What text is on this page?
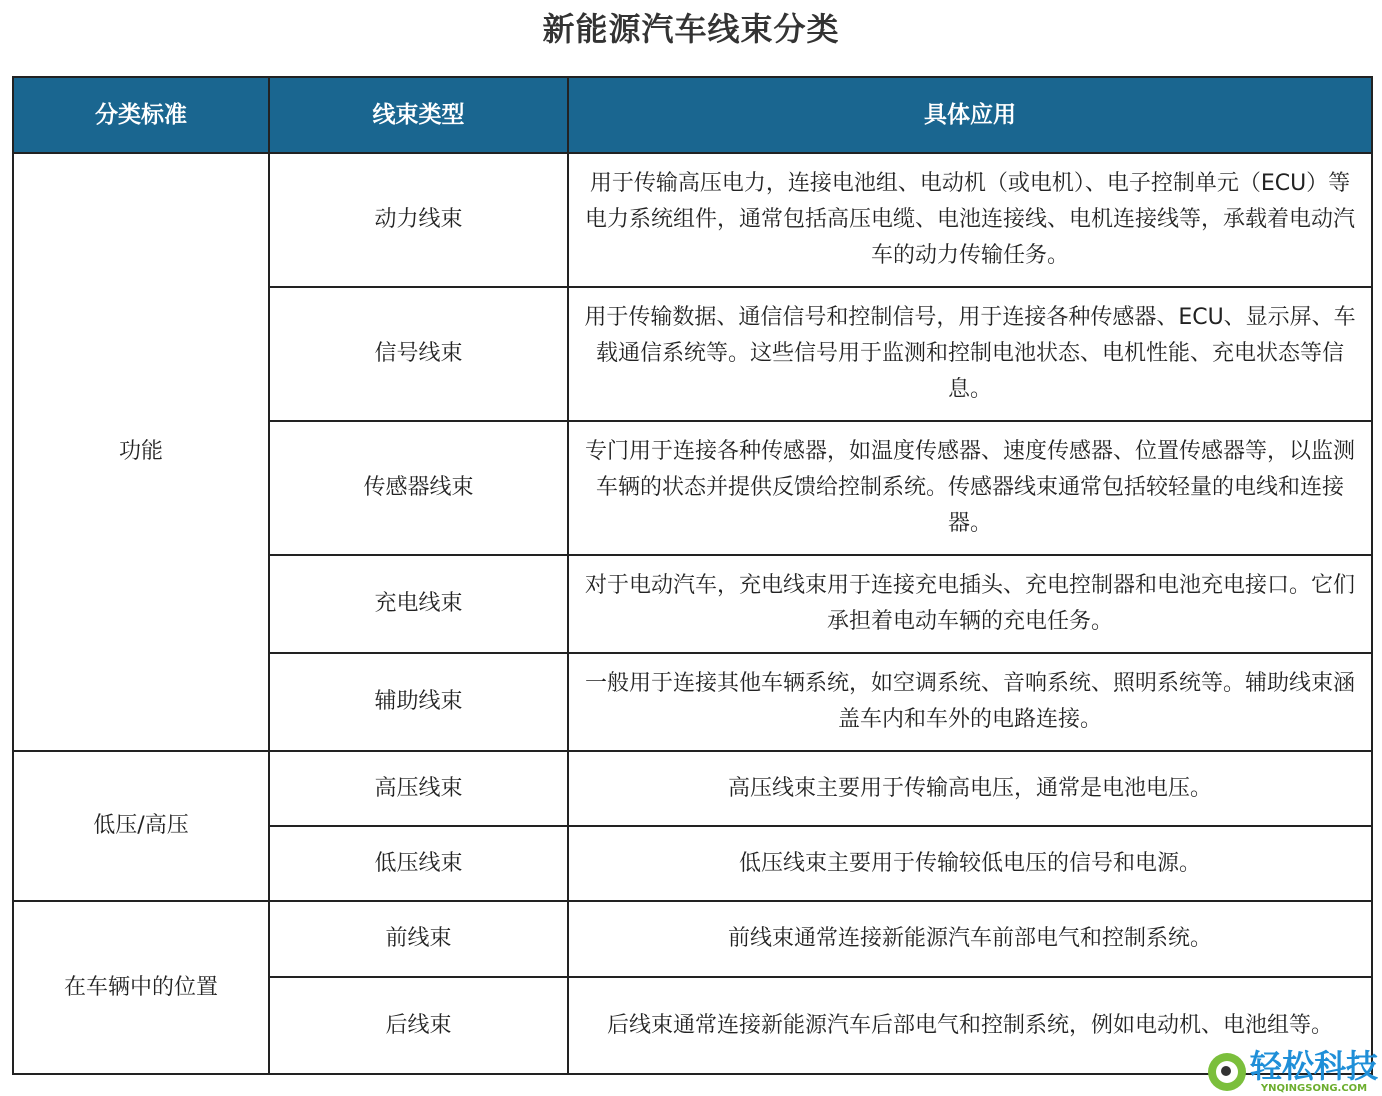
新能源汽车线束分类
分类标准	线束类型	具体应用
功能	动力线束	用于传输高压电力，连接电池组、电动机（或电机）、电子控制单元（ECU）等电力系统组件，通常包括高压电缆、电池连接线、电机连接线等，承载着电动汽车的动力传输任务。
	信号线束	用于传输数据、通信信号和控制信号，用于连接各种传感器、ECU、显示屏、车载通信系统等。这些信号用于监测和控制电池状态、电机性能、充电状态等信息。
	传感器线束	专门用于连接各种传感器，如温度传感器、速度传感器、位置传感器等，以监测车辆的状态并提供反馈给控制系统。传感器线束通常包括较轻量的电线和连接器。
	充电线束	对于电动汽车，充电线束用于连接充电插头、充电控制器和电池充电接口。它们承担着电动车辆的充电任务。
	辅助线束	一般用于连接其他车辆系统，如空调系统、音响系统、照明系统等。辅助线束涵盖车内和车外的电路连接。
低压/高压	高压线束	高压线束主要用于传输高电压，通常是电池电压。
	低压线束	低压线束主要用于传输较低电压的信号和电源。
在车辆中的位置	前线束	前线束通常连接新能源汽车前部电气和控制系统。
	后线束	后线束通常连接新能源汽车后部电气和控制系统，例如电动机、电池组等。
轻松科技
YNQINGSONG.COM
